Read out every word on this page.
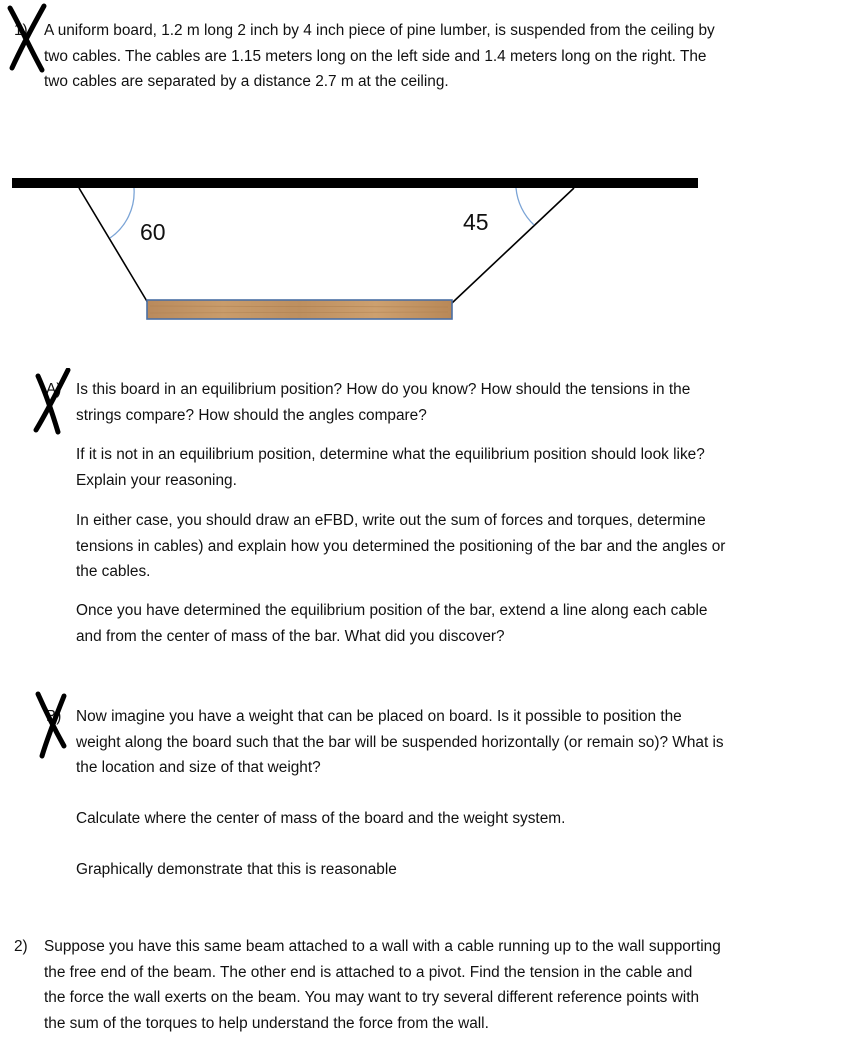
1) A uniform board, 1.2 m long 2 inch by 4 inch piece of pine lumber, is suspended from the ceiling by
two cables. The cables are 1.15 meters long on the left side and 1.4 meters long on the right. The
two cables are separated by a distance 2.7 m at the ceiling.
60	45
A) Is this board in an equilibrium position? How do you know? How should the tensions in the
strings compare? How should the angles compare?
If it is not in an equilibrium position, determine what the equilibrium position should look like?
Explain your reasoning.
In either case, you should draw an eFBD, write out the sum of forces and torques, determine
tensions in cables) and explain how you determined the positioning of the bar and the angles or
the cables.
Once you have determined the equilibrium position of the bar, extend a line along each cable
and from the center of mass of the bar. What did you discover?
B) Now imagine you have a weight that can be placed on board. Is it possible to position the
weight along the board such that the bar will be suspended horizontally (or remain so)? What is
the location and size of that weight?
Calculate where the center of mass of the board and the weight system.
Graphically demonstrate that this is reasonable
2) Suppose you have this same beam attached to a wall with a cable running up to the wall supporting
the free end of the beam. The other end is attached to a pivot. Find the tension in the cable and
the force the wall exerts on the beam. You may want to try several different reference points with
the sum of the torques to help understand the force from the wall.
